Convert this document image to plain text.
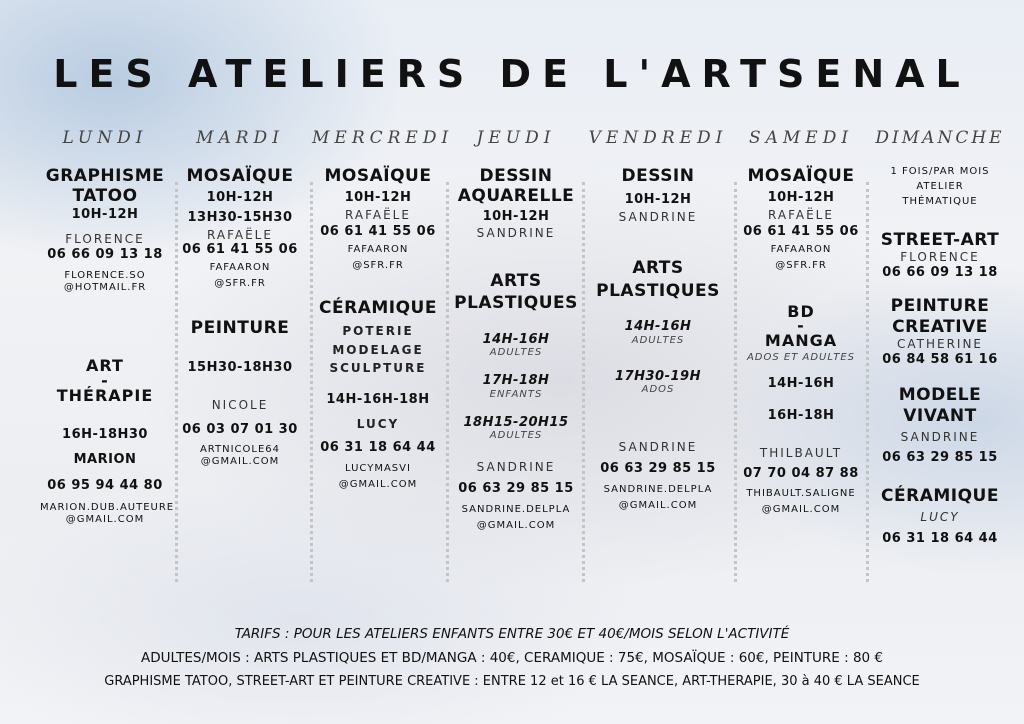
LES ATELIERS DE L'ARTSENAL
LUNDI
GRAPHISME
TATOO
10H-12H
FLORENCE
06 66 09 13 18
FLORENCE.SO
@HOTMAIL.FR
ART
-
THÉRAPIE
16H-18H30
MARION
06 95 94 44 80
MARION.DUB.AUTEURE
@GMAIL.COM
MARDI
MOSAÏQUE
10H-12H
13H30-15H30
RAFAËLE
06 61 41 55 06
FAFAARON
@SFR.FR
PEINTURE
15H30-18H30
NICOLE
06 03 07 01 30
ARTNICOLE64
@GMAIL.COM
MERCREDI
MOSAÏQUE
10H-12H
RAFAËLE
06 61 41 55 06
FAFAARON
@SFR.FR
CÉRAMIQUE
POTERIE
MODELAGE
SCULPTURE
14H-16H-18H
LUCY
06 31 18 64 44
LUCYMASVI
@GMAIL.COM
JEUDI
DESSIN
AQUARELLE
10H-12H
SANDRINE
ARTS
PLASTIQUES
14H-16H
ADULTES
17H-18H
ENFANTS
18H15-20H15
ADULTES
SANDRINE
06 63 29 85 15
SANDRINE.DELPLA
@GMAIL.COM
VENDREDI
DESSIN
10H-12H
SANDRINE
ARTS
PLASTIQUES
14H-16H
ADULTES
17H30-19H
ADOS
SANDRINE
06 63 29 85 15
SANDRINE.DELPLA
@GMAIL.COM
SAMEDI
MOSAÏQUE
10H-12H
RAFAËLE
06 61 41 55 06
FAFAARON
@SFR.FR
BD
-
MANGA
ADOS ET ADULTES
14H-16H
16H-18H
THILBAULT
07 70 04 87 88
THIBAULT.SALIGNE
@GMAIL.COM
DIMANCHE
1 FOIS/PAR MOIS
ATELIER
THÉMATIQUE
STREET-ART
FLORENCE
06 66 09 13 18
PEINTURE
CREATIVE
CATHERINE
06 84 58 61 16
MODELE
VIVANT
SANDRINE
06 63 29 85 15
CÉRAMIQUE
LUCY
06 31 18 64 44
TARIFS : POUR LES ATELIERS ENFANTS ENTRE 30€ ET 40€/MOIS SELON L'ACTIVITÉ
ADULTES/MOIS : ARTS PLASTIQUES ET BD/MANGA : 40€, CERAMIQUE : 75€, MOSAÏQUE : 60€, PEINTURE : 80 €
GRAPHISME TATOO, STREET-ART ET PEINTURE CREATIVE : ENTRE 12 et 16 € LA SEANCE, ART-THERAPIE, 30 à 40 € LA SEANCE
